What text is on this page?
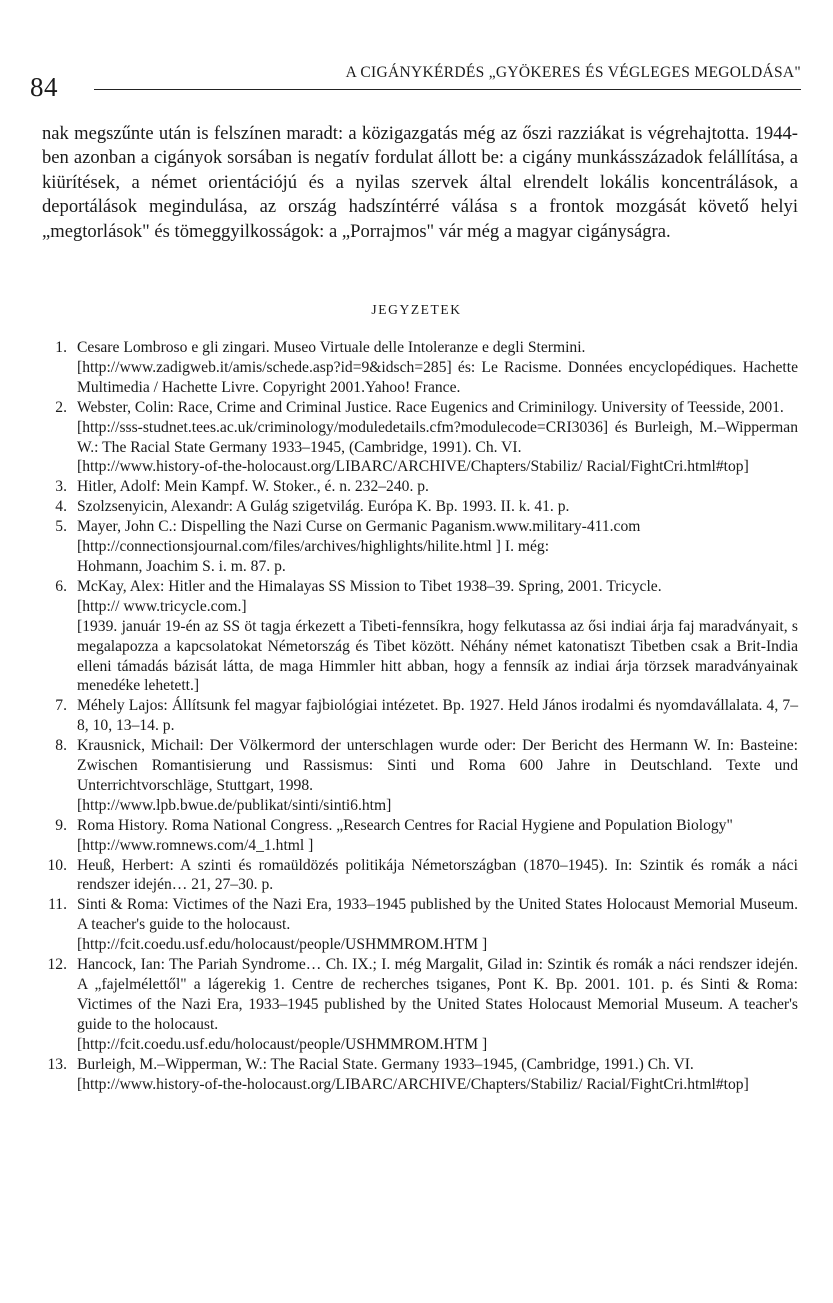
84	A CIGÁNYKÉRDÉS „GYÖKERES ÉS VÉGLEGES MEGOLDÁSA"

nak megszűnte után is felszínen maradt: a közigazgatás még az őszi razziákat is végrehajtotta. 1944-ben azonban a cigányok sorsában is negatív fordulat állott be: a cigány munkásszázadok felállítása, a kiürítések, a német orientációjú és a nyilas szervek által elrendelt lokális koncentrálások, a deportálások megindulása, az ország hadszíntérré válása s a frontok mozgását követő helyi „megtorlások" és tömeggyilkosságok: a „Porrajmos" vár még a magyar cigányságra.

JEGYZETEK
1. Cesare Lombroso e gli zingari. Museo Virtuale delle Intoleranze e degli Stermini.
[http://www.zadigweb.it/amis/schede.asp?id=9&idsch=285] és: Le Racisme. Données encyclopédiques. Hachette Multimedia / Hachette Livre. Copyright 2001.Yahoo! France.
2. Webster, Colin: Race, Crime and Criminal Justice. Race Eugenics and Criminilogy. University of Teesside, 2001.
[http://sss-studnet.tees.ac.uk/criminology/moduledetails.cfm?modulecode=CRI3036] és Burleigh, M.–Wipperman W.: The Racial State Germany 1933–1945, (Cambridge, 1991). Ch. VI.
[http://www.history-of-the-holocaust.org/LIBARC/ARCHIVE/Chapters/Stabiliz/ Racial/FightCri.html#top]
3. Hitler, Adolf: Mein Kampf. W. Stoker., é. n. 232–240. p.
4. Szolzsenyicin, Alexandr: A Gulág szigetvilág. Európa K. Bp. 1993. II. k. 41. p.
5. Mayer, John C.: Dispelling the Nazi Curse on Germanic Paganism.www.military-411.com
[http://connectionsjournal.com/files/archives/highlights/hilite.html ] I. még:
Hohmann, Joachim S. i. m. 87. p.
6. McKay, Alex: Hitler and the Himalayas SS Mission to Tibet 1938–39. Spring, 2001. Tricycle.
[http:// www.tricycle.com.]
[1939. január 19-én az SS öt tagja érkezett a Tibeti-fennsíkra, hogy felkutassa az ősi indiai árja faj maradványait, s megalapozza a kapcsolatokat Németország és Tibet között. Néhány német katonatiszt Tibetben csak a Brit-India elleni támadás bázisát látta, de maga Himmler hitt abban, hogy a fennsík az indiai árja törzsek maradványainak menedéke lehetett.]
7. Méhely Lajos: Állítsunk fel magyar fajbiológiai intézetet. Bp. 1927. Held János irodalmi és nyomdavállalata. 4, 7–8, 10, 13–14. p.
8. Krausnick, Michail: Der Völkermord der unterschlagen wurde oder: Der Bericht des Hermann W. In: Basteine: Zwischen Romantisierung und Rassismus: Sinti und Roma 600 Jahre in Deutschland. Texte und Unterrichtvorschläge, Stuttgart, 1998.
[http://www.lpb.bwue.de/publikat/sinti/sinti6.htm]
9. Roma History. Roma National Congress. „Research Centres for Racial Hygiene and Population Biology"
[http://www.romnews.com/4_1.html ]
10. Heuß, Herbert: A szinti és romaüldözés politikája Németországban (1870–1945). In: Szintik és romák a náci rendszer idején… 21, 27–30. p.
11. Sinti & Roma: Victimes of the Nazi Era, 1933–1945 published by the United States Holocaust Memorial Museum. A teacher's guide to the holocaust.
[http://fcit.coedu.usf.edu/holocaust/people/USHMMROM.HTM ]
12. Hancock, Ian: The Pariah Syndrome… Ch. IX.; I. még Margalit, Gilad in: Szintik és romák a náci rendszer idején. A „fajelmélettől" a lágerekig 1. Centre de recherches tsiganes, Pont K. Bp. 2001. 101. p. és Sinti & Roma: Victimes of the Nazi Era, 1933–1945 published by the United States Holocaust Memorial Museum. A teacher's guide to the holocaust.
[http://fcit.coedu.usf.edu/holocaust/people/USHMMROM.HTM ]
13. Burleigh, M.–Wipperman, W.: The Racial State. Germany 1933–1945, (Cambridge, 1991.) Ch. VI.
[http://www.history-of-the-holocaust.org/LIBARC/ARCHIVE/Chapters/Stabiliz/ Racial/FightCri.html#top]
